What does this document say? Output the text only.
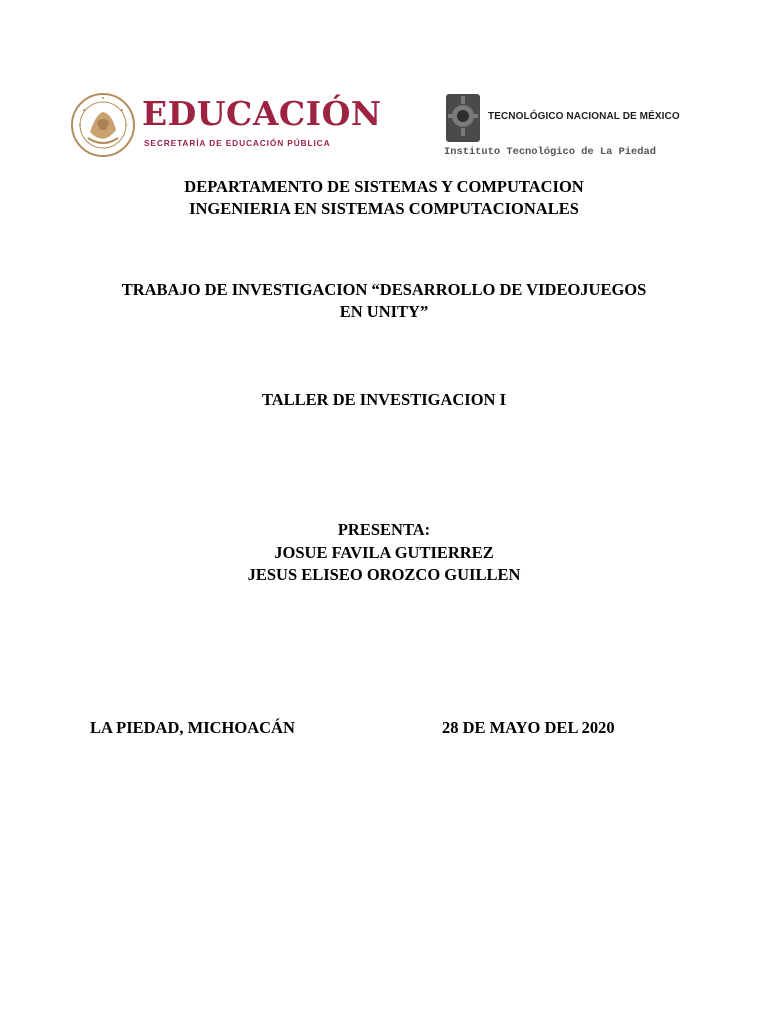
EDUCACIÓN
SECRETARÍA DE EDUCACIÓN PÚBLICA
TECNOLÓGICO NACIONAL DE MÉXICO
Instituto Tecnológico de La Piedad
DEPARTAMENTO DE SISTEMAS Y COMPUTACION
INGENIERIA EN SISTEMAS COMPUTACIONALES
TRABAJO DE INVESTIGACION “DESARROLLO DE VIDEOJUEGOS
EN UNITY”
TALLER DE INVESTIGACION I
PRESENTA:
JOSUE FAVILA GUTIERREZ
JESUS ELISEO OROZCO GUILLEN
LA PIEDAD, MICHOACÁN	28 DE MAYO DEL 2020
